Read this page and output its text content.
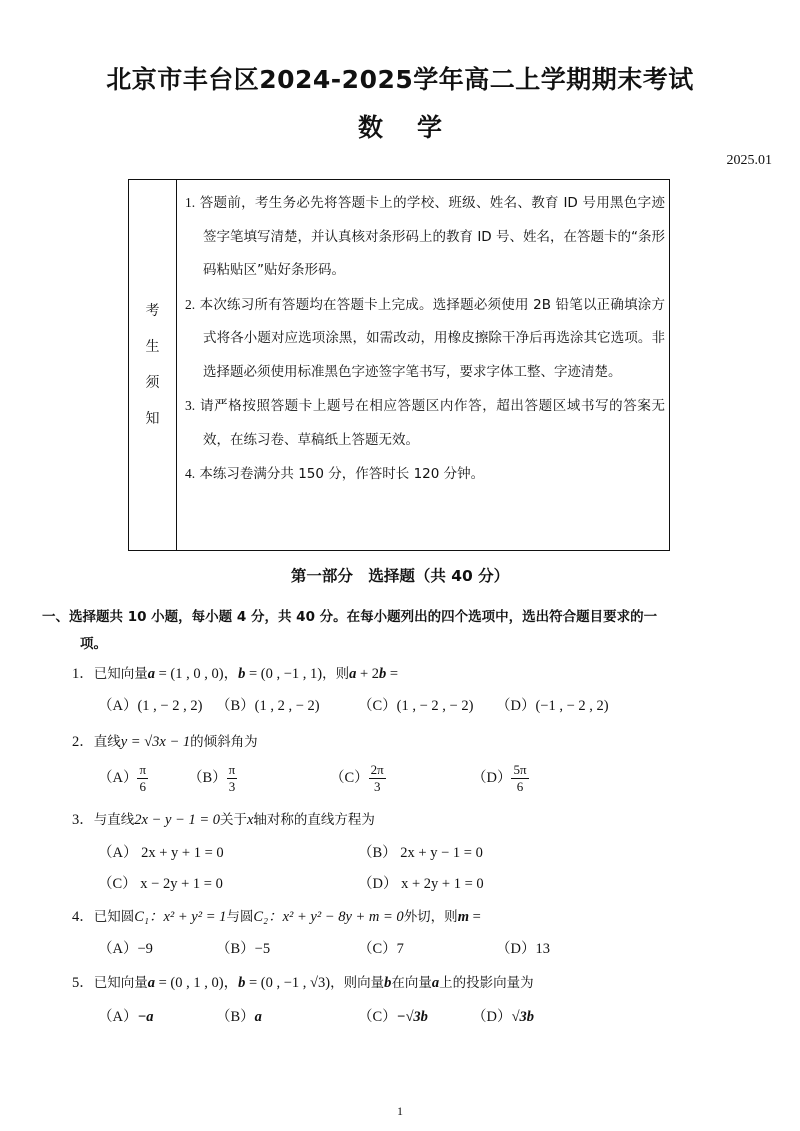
北京市丰台区2024-2025学年高二上学期期末考试
数学
2025.01
考
生
须
知

1. 答题前，考生务必先将答题卡上的学校、班级、姓名、教育 ID 号用黑色字迹签字笔填写清楚，并认真核对条形码上的教育 ID 号、姓名，在答题卡的“条形码粘贴区”贴好条形码。

2. 本次练习所有答题均在答题卡上完成。选择题必须使用 2B 铅笔以正确填涂方式将各小题对应选项涂黑，如需改动，用橡皮擦除干净后再选涂其它选项。非选择题必须使用标准黑色字迹签字笔书写，要求字体工整、字迹清楚。

3. 请严格按照答题卡上题号在相应答题区内作答，超出答题区域书写的答案无效，在练习卷、草稿纸上答题无效。

4. 本练习卷满分共 150 分，作答时长 120 分钟。

第一部分　选择题（共 40 分）
一、选择题共 10 小题，每小题 4 分，共 40 分。在每小题列出的四个选项中，选出符合题目要求的一
项。
1．已知向量a = (1 , 0 , 0)，b = (0 , −1 , 1)，则a + 2b =
（A）(1 , − 2 , 2) （B）(1 , 2 , − 2)	（C）(1 , − 2 , − 2) （D）(−1 , − 2 , 2)
2．直线y = √3x − 1的倾斜角为
$(A) \frac{\pi}{6}$	$(B) \frac{\pi}{3}$	$(C) \frac{2\pi}{3}$	$(D) \frac{5\pi}{6}$
3．与直线2x − y − 1 = 0关于x轴对称的直线方程为
（A） 2x + y + 1 = 0	（B） 2x + y − 1 = 0
（C） x − 2y + 1 = 0	（D） x + 2y + 1 = 0
4．已知圆C₁：x² + y² = 1与圆C₂：x² + y² − 8y + m = 0外切，则m =
（A）−9	（B）−5	（C）7	（D）13
5．已知向量a = (0 , 1 , 0)，b = (0 , −1 , √3)，则向量b在向量a上的投影向量为
（A）−a	（B）a	（C）−√3b	（D）√3b
1
